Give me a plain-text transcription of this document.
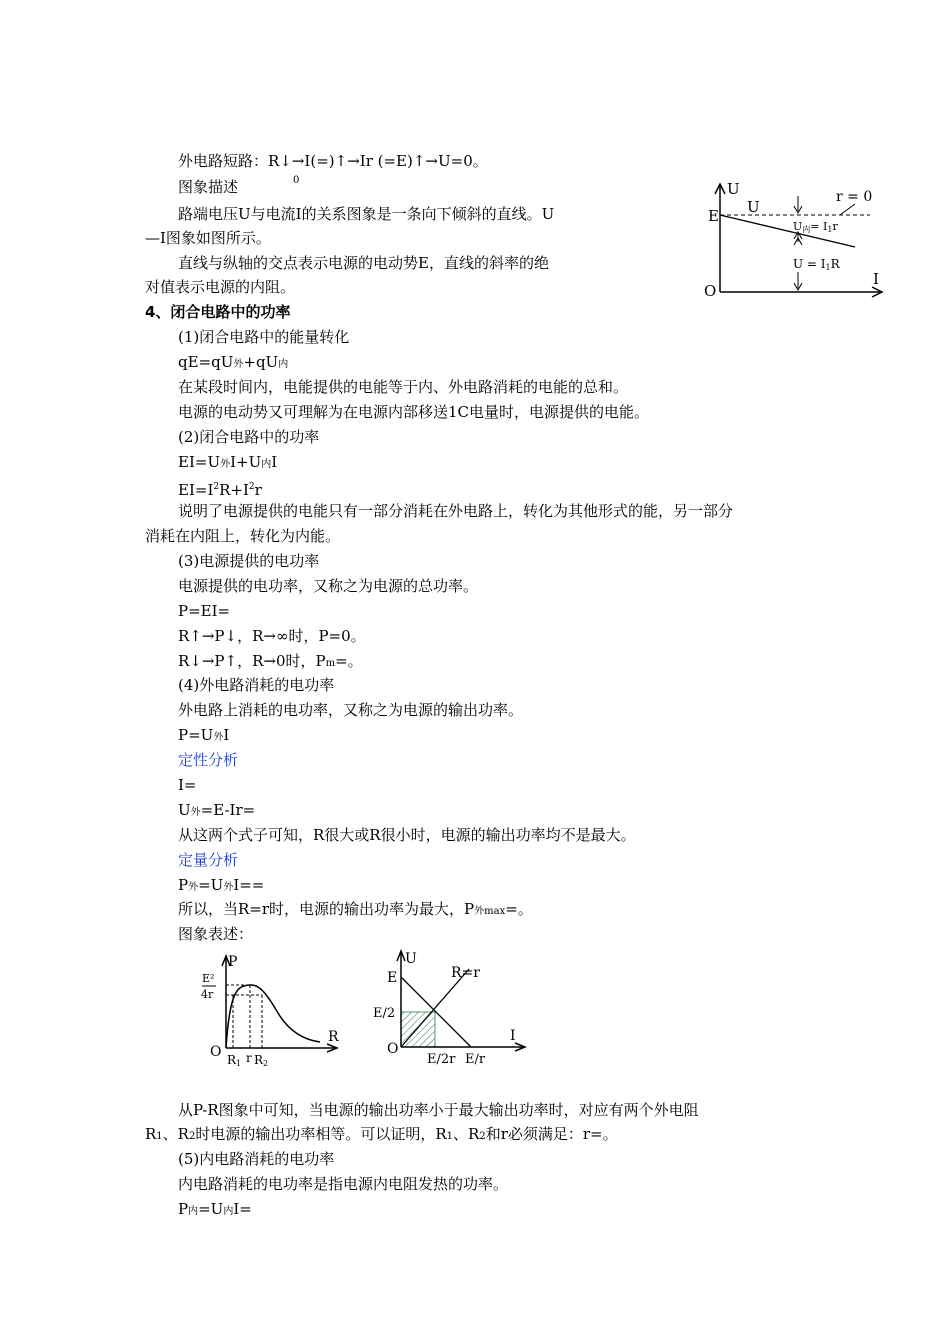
外电路短路：R↓→I(=)↑→Ir (=E)↑→U=0。
图象描述	0
路端电压U与电流I的关系图象是一条向下倾斜的直线。U
—I图象如图所示。
直线与纵轴的交点表示电源的电动势E，直线的斜率的绝
对值表示电源的内阻。
4、闭合电路中的功率
(1)闭合电路中的能量转化
qE=qU外+qU内
在某段时间内，电能提供的电能等于内、外电路消耗的电能的总和。
电源的电动势又可理解为在电源内部移送1C电量时，电源提供的电能。
(2)闭合电路中的功率
EI=U外I+U内I
$EI=I^2R+I^2r$
说明了电源提供的电能只有一部分消耗在外电路上，转化为其他形式的能，另一部分
消耗在内阻上，转化为内能。
(3)电源提供的电功率
电源提供的电功率，又称之为电源的总功率。
P=EI=
R↑→P↓，R→∞时，P=0。
R↓→P↑，R→0时，Pm=。
(4)外电路消耗的电功率
外电路上消耗的电功率，又称之为电源的输出功率。
P=U外I
定性分析
I=
U外=E-Ir=
从这两个式子可知，R很大或R很小时，电源的输出功率均不是最大。
定量分析
P外=U外I==
所以，当R=r时，电源的输出功率为最大，P外max=。
图象表述：
从P-R图象中可知，当电源的输出功率小于最大输出功率时，对应有两个外电阻
R1、R2时电源的输出功率相等。可以证明，R1、R2和r必须满足：r=。
(5)内电路消耗的电功率
内电路消耗的电功率是指电源内电阻发热的功率。
P内=U内I=
U
I
E
O
U
r = 0
U内= I1r
U = I1R
P
R
O
E²
4r
R1 r R2
U
I
E
E/2
O
R=r
E/2r E/r
